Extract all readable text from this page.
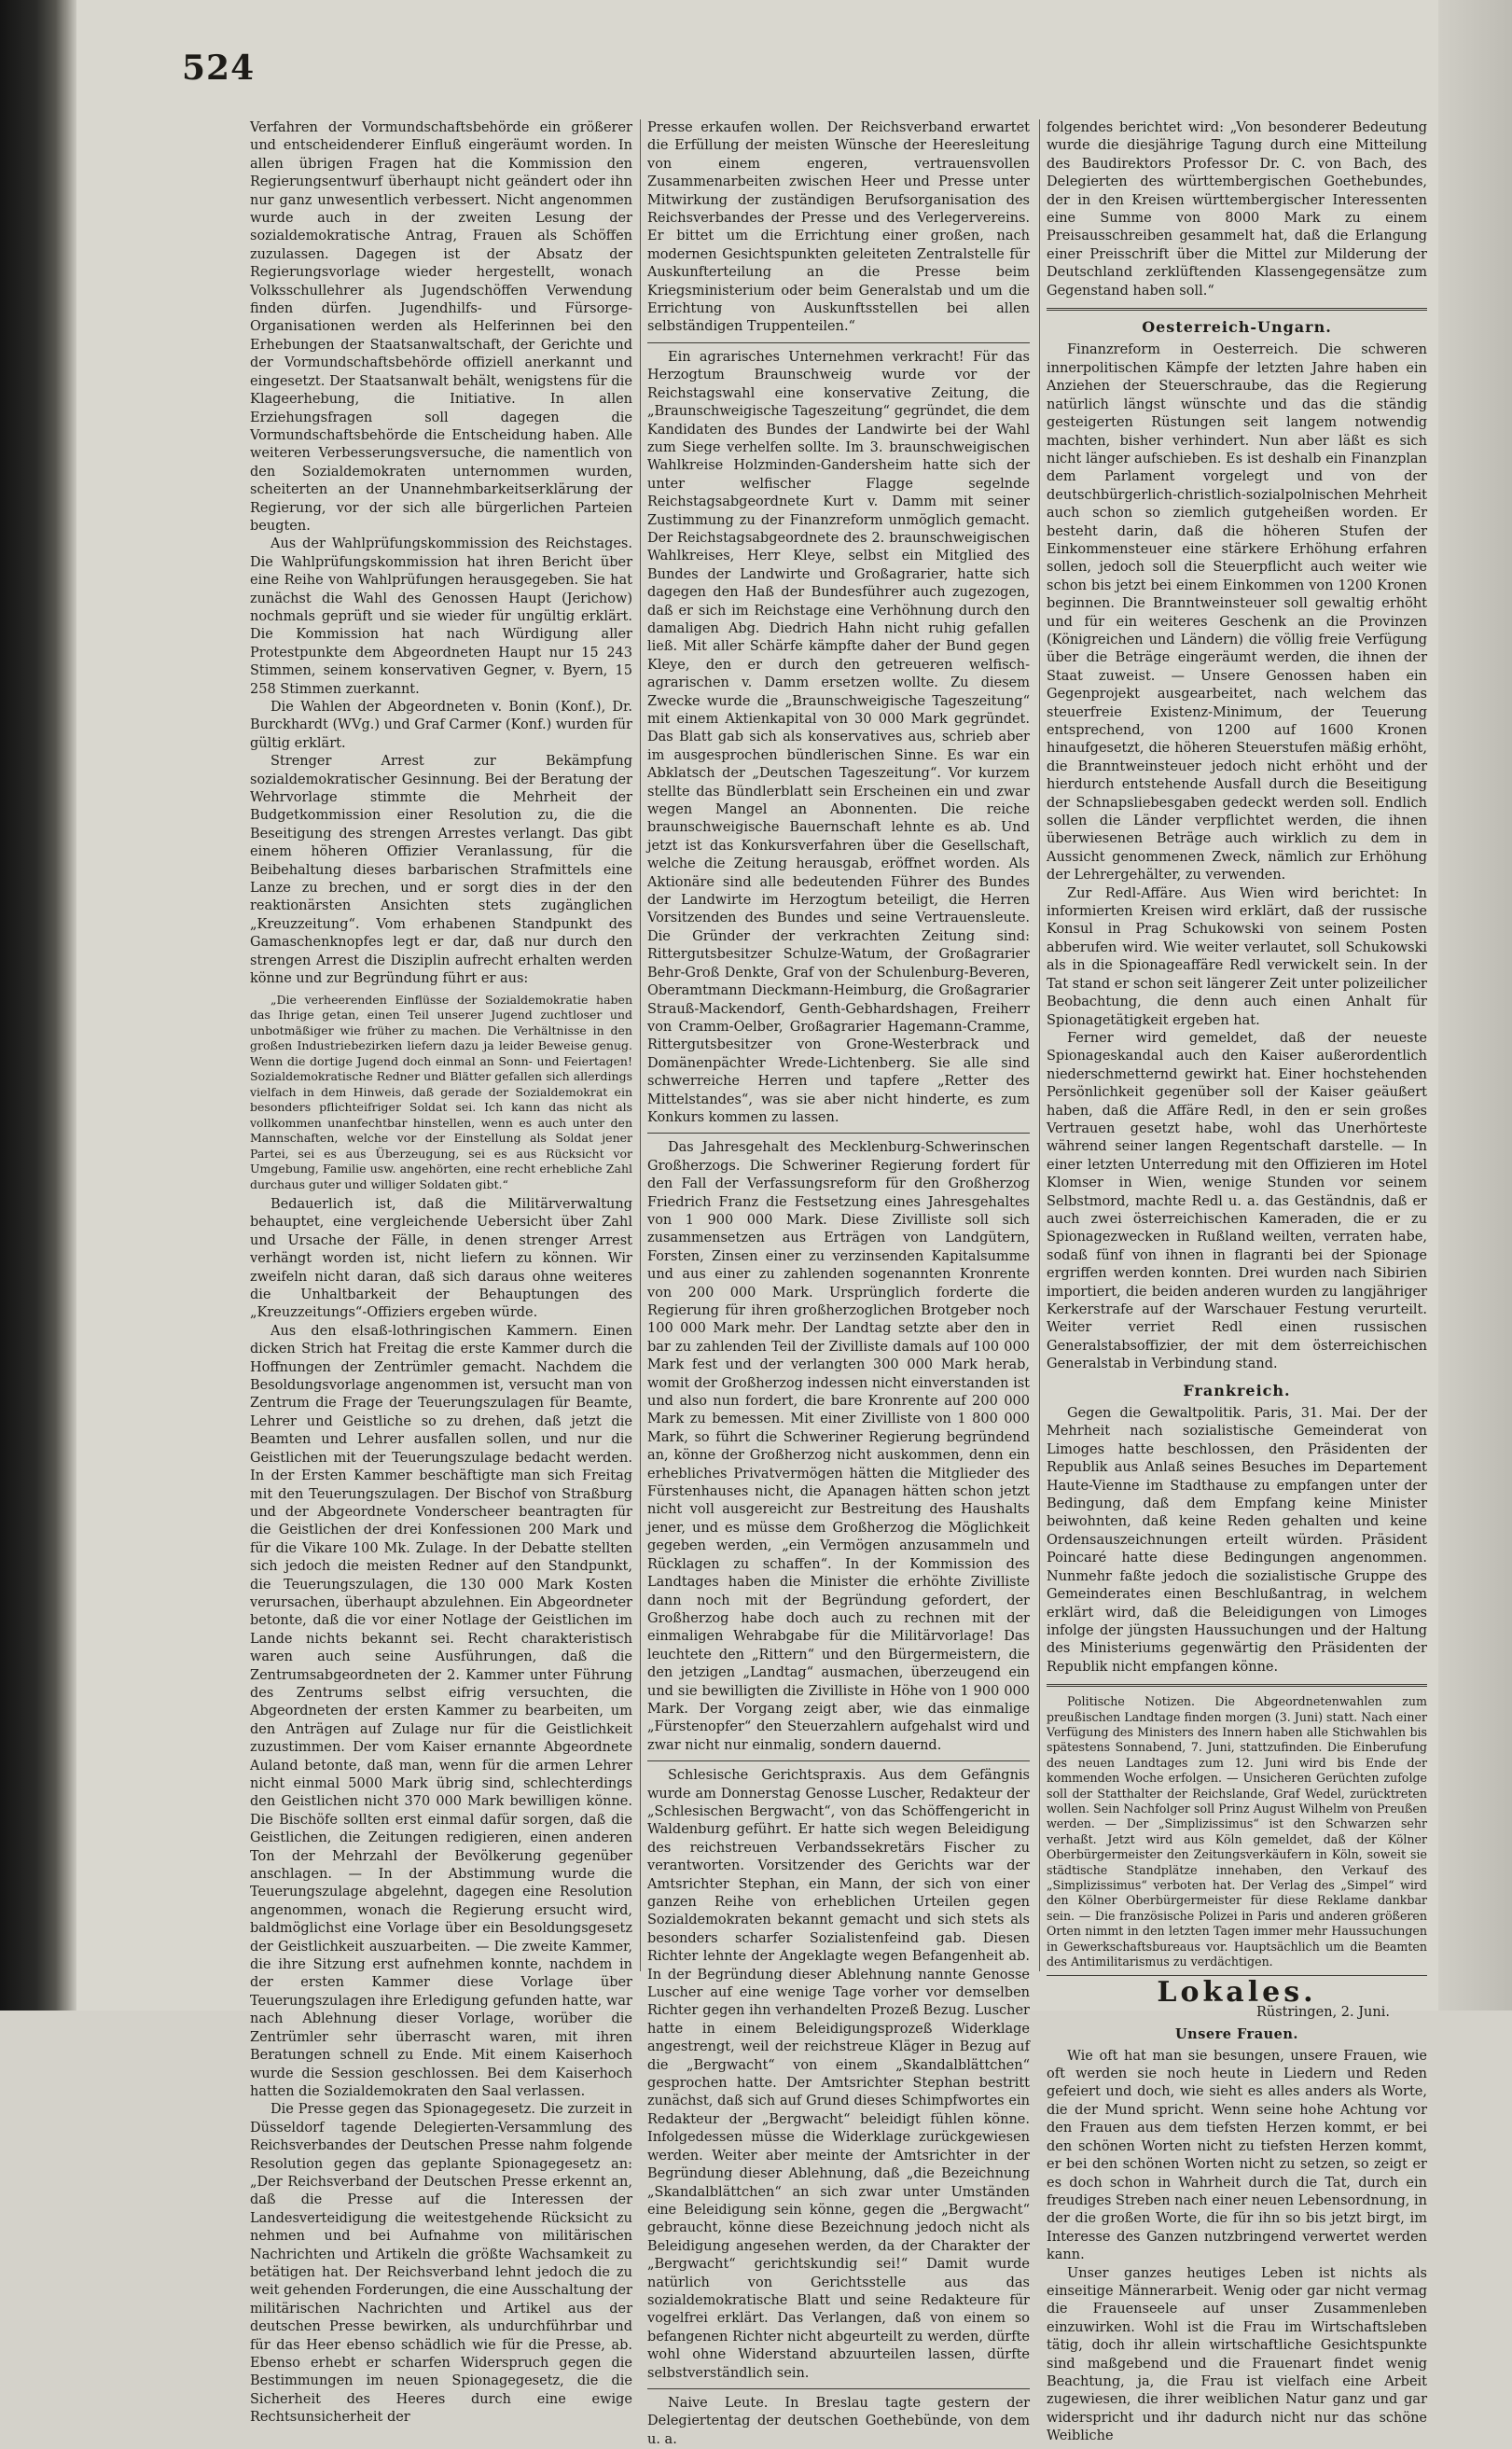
524

Verfahren der Vormundschaftsbehörde ein größerer und entscheidenderer Einfluß eingeräumt worden. In allen übrigen Fragen hat die Kommission den Regierungsentwurf überhaupt nicht geändert oder ihn nur ganz unwesentlich verbessert. Nicht angenommen wurde auch in der zweiten Lesung der sozialdemokratische Antrag, Frauen als Schöffen zuzulassen. Dagegen ist der Absatz der Regierungsvorlage wieder hergestellt, wonach Volksschullehrer als Jugendschöffen Verwendung finden dürfen. Jugendhilfs- und Fürsorge-Organisationen werden als Helferinnen bei den Erhebungen der Staatsanwaltschaft, der Gerichte und der Vormundschaftsbehörde offiziell anerkannt und eingesetzt. Der Staatsanwalt behält, wenigstens für die Klageerhebung, die Initiative. In allen Erziehungsfragen soll dagegen die Vormundschaftsbehörde die Entscheidung haben. Alle weiteren Verbesserungsversuche, die namentlich von den Sozialdemokraten unternommen wurden, scheiterten an der Unannehmbarkeitserklärung der Regierung, vor der sich alle bürgerlichen Parteien beugten.

Aus der Wahlprüfungskommission des Reichstages. Die Wahlprüfungskommission hat ihren Bericht über eine Reihe von Wahlprüfungen herausgegeben. Sie hat zunächst die Wahl des Genossen Haupt (Jerichow) nochmals geprüft und sie wieder für ungültig erklärt. Die Kommission hat nach Würdigung aller Protestpunkte dem Abgeordneten Haupt nur 15 243 Stimmen, seinem konservativen Gegner, v. Byern, 15 258 Stimmen zuerkannt.

Die Wahlen der Abgeordneten v. Bonin (Konf.), Dr. Burckhardt (WVg.) und Graf Carmer (Konf.) wurden für gültig erklärt.

Strenger Arrest zur Bekämpfung sozialdemokratischer Gesinnung. Bei der Beratung der Wehrvorlage stimmte die Mehrheit der Budgetkommission einer Resolution zu, die die Beseitigung des strengen Arrestes verlangt. Das gibt einem höheren Offizier Veranlassung, für die Beibehaltung dieses barbarischen Strafmittels eine Lanze zu brechen, und er sorgt dies in der den reaktionärsten Ansichten stets zugänglichen „Kreuzzeitung“. Vom erhabenen Standpunkt des Gamaschenknopfes legt er dar, daß nur durch den strengen Arrest die Disziplin aufrecht erhalten werden könne und zur Begründung führt er aus:

„Die verheerenden Einflüsse der Sozialdemokratie haben das Ihrige getan, einen Teil unserer Jugend zuchtloser und unbotmäßiger wie früher zu machen. Die Verhältnisse in den großen Industriebezirken liefern dazu ja leider Beweise genug. Wenn die dortige Jugend doch einmal an Sonn- und Feiertagen! Sozialdemokratische Redner und Blätter gefallen sich allerdings vielfach in dem Hinweis, daß gerade der Sozialdemokrat ein besonders pflichteifriger Soldat sei. Ich kann das nicht als vollkommen unanfechtbar hinstellen, wenn es auch unter den Mannschaften, welche vor der Einstellung als Soldat jener Partei, sei es aus Überzeugung, sei es aus Rücksicht vor Umgebung, Familie usw. angehörten, eine recht erhebliche Zahl durchaus guter und williger Soldaten gibt.“

Bedauerlich ist, daß die Militärverwaltung behauptet, eine vergleichende Uebersicht über Zahl und Ursache der Fälle, in denen strenger Arrest verhängt worden ist, nicht liefern zu können. Wir zweifeln nicht daran, daß sich daraus ohne weiteres die Unhaltbarkeit der Behauptungen des „Kreuzzeitungs“-Offiziers ergeben würde.

Aus den elsaß-lothringischen Kammern. Einen dicken Strich hat Freitag die erste Kammer durch die Hoffnungen der Zentrümler gemacht. Nachdem die Besoldungsvorlage angenommen ist, versucht man von Zentrum die Frage der Teuerungszulagen für Beamte, Lehrer und Geistliche so zu drehen, daß jetzt die Beamten und Lehrer ausfallen sollen, und nur die Geistlichen mit der Teuerungszulage bedacht werden. In der Ersten Kammer beschäftigte man sich Freitag mit den Teuerungszulagen. Der Bischof von Straßburg und der Abgeordnete Vonderscheer beantragten für die Geistlichen der drei Konfessionen 200 Mark und für die Vikare 100 Mk. Zulage. In der Debatte stellten sich jedoch die meisten Redner auf den Standpunkt, die Teuerungszulagen, die 130 000 Mark Kosten verursachen, überhaupt abzulehnen. Ein Abgeordneter betonte, daß die vor einer Notlage der Geistlichen im Lande nichts bekannt sei. Recht charakteristisch waren auch seine Ausführungen, daß die Zentrumsabgeordneten der 2. Kammer unter Führung des Zentrums selbst eifrig versuchten, die Abgeordneten der ersten Kammer zu bearbeiten, um den Anträgen auf Zulage nur für die Geistlichkeit zuzustimmen. Der vom Kaiser ernannte Abgeordnete Auland betonte, daß man, wenn für die armen Lehrer nicht einmal 5000 Mark übrig sind, schlechterdings den Geistlichen nicht 370 000 Mark bewilligen könne. Die Bischöfe sollten erst einmal dafür sorgen, daß die Geistlichen, die Zeitungen redigieren, einen anderen Ton der Mehrzahl der Bevölkerung gegenüber anschlagen. — In der Abstimmung wurde die Teuerungszulage abgelehnt, dagegen eine Resolution angenommen, wonach die Regierung ersucht wird, baldmöglichst eine Vorlage über ein Besoldungsgesetz der Geistlichkeit auszuarbeiten. — Die zweite Kammer, die ihre Sitzung erst aufnehmen konnte, nachdem in der ersten Kammer diese Vorlage über Teuerungszulagen ihre Erledigung gefunden hatte, war nach Ablehnung dieser Vorlage, worüber die Zentrümler sehr überrascht waren, mit ihren Beratungen schnell zu Ende. Mit einem Kaiserhoch wurde die Session geschlossen. Bei dem Kaiserhoch hatten die Sozialdemokraten den Saal verlassen.

Die Presse gegen das Spionagegesetz. Die zurzeit in Düsseldorf tagende Delegierten-Versammlung des Reichsverbandes der Deutschen Presse nahm folgende Resolution gegen das geplante Spionagegesetz an: „Der Reichsverband der Deutschen Presse erkennt an, daß die Presse auf die Interessen der Landesverteidigung die weitestgehende Rücksicht zu nehmen und bei Aufnahme von militärischen Nachrichten und Artikeln die größte Wachsamkeit zu betätigen hat. Der Reichsverband lehnt jedoch die zu weit gehenden Forderungen, die eine Ausschaltung der militärischen Nachrichten und Artikel aus der deutschen Presse bewirken, als undurchführbar und für das Heer ebenso schädlich wie für die Presse, ab. Ebenso erhebt er scharfen Widerspruch gegen die Bestimmungen im neuen Spionagegesetz, die die Sicherheit des Heeres durch eine ewige Rechtsunsicherheit der

Presse erkaufen wollen. Der Reichsverband erwartet die Erfüllung der meisten Wünsche der Heeresleitung von einem engeren, vertrauensvollen Zusammenarbeiten zwischen Heer und Presse unter Mitwirkung der zuständigen Berufsorganisation des Reichsverbandes der Presse und des Verlegervereins. Er bittet um die Errichtung einer großen, nach modernen Gesichtspunkten geleiteten Zentralstelle für Auskunfterteilung an die Presse beim Kriegsministerium oder beim Generalstab und um die Errichtung von Auskunftsstellen bei allen selbständigen Truppenteilen.“

Ein agrarisches Unternehmen verkracht! Für das Herzogtum Braunschweig wurde vor der Reichstagswahl eine konservative Zeitung, die „Braunschweigische Tageszeitung“ gegründet, die dem Kandidaten des Bundes der Landwirte bei der Wahl zum Siege verhelfen sollte. Im 3. braunschweigischen Wahlkreise Holzminden-Gandersheim hatte sich der unter welfischer Flagge segelnde Reichstagsabgeordnete Kurt v. Damm mit seiner Zustimmung zu der Finanzreform unmöglich gemacht. Der Reichstagsabgeordnete des 2. braunschweigischen Wahlkreises, Herr Kleye, selbst ein Mitglied des Bundes der Landwirte und Großagrarier, hatte sich dagegen den Haß der Bundesführer auch zugezogen, daß er sich im Reichstage eine Verhöhnung durch den damaligen Abg. Diedrich Hahn nicht ruhig gefallen ließ. Mit aller Schärfe kämpfte daher der Bund gegen Kleye, den er durch den getreueren welfisch-agrarischen v. Damm ersetzen wollte. Zu diesem Zwecke wurde die „Braunschweigische Tageszeitung“ mit einem Aktienkapital von 30 000 Mark gegründet. Das Blatt gab sich als konservatives aus, schrieb aber im ausgesprochen bündlerischen Sinne. Es war ein Abklatsch der „Deutschen Tageszeitung“. Vor kurzem stellte das Bündlerblatt sein Erscheinen ein und zwar wegen Mangel an Abonnenten. Die reiche braunschweigische Bauernschaft lehnte es ab. Und jetzt ist das Konkursverfahren über die Gesellschaft, welche die Zeitung herausgab, eröffnet worden. Als Aktionäre sind alle bedeutenden Führer des Bundes der Landwirte im Herzogtum beteiligt, die Herren Vorsitzenden des Bundes und seine Vertrauensleute. Die Gründer der verkrachten Zeitung sind: Rittergutsbesitzer Schulze-Watum, der Großagrarier Behr-Groß Denkte, Graf von der Schulenburg-Beveren, Oberamtmann Dieckmann-Heimburg, die Großagrarier Strauß-Mackendorf, Genth-Gebhardshagen, Freiherr von Cramm-Oelber, Großagrarier Hagemann-Cramme, Rittergutsbesitzer von Grone-Westerbrack und Domänenpächter Wrede-Lichtenberg. Sie alle sind schwerreiche Herren und tapfere „Retter des Mittelstandes“, was sie aber nicht hinderte, es zum Konkurs kommen zu lassen.

Das Jahresgehalt des Mecklenburg-Schwerinschen Großherzogs. Die Schweriner Regierung fordert für den Fall der Verfassungsreform für den Großherzog Friedrich Franz die Festsetzung eines Jahresgehaltes von 1 900 000 Mark. Diese Zivilliste soll sich zusammensetzen aus Erträgen von Landgütern, Forsten, Zinsen einer zu verzinsenden Kapitalsumme und aus einer zu zahlenden sogenannten Kronrente von 200 000 Mark. Ursprünglich forderte die Regierung für ihren großherzoglichen Brotgeber noch 100 000 Mark mehr. Der Landtag setzte aber den in bar zu zahlenden Teil der Zivilliste damals auf 100 000 Mark fest und der verlangten 300 000 Mark herab, womit der Großherzog indessen nicht einverstanden ist und also nun fordert, die bare Kronrente auf 200 000 Mark zu bemessen. Mit einer Zivilliste von 1 800 000 Mark, so führt die Schweriner Regierung begründend an, könne der Großherzog nicht auskommen, denn ein erhebliches Privatvermögen hätten die Mitglieder des Fürstenhauses nicht, die Apanagen hätten schon jetzt nicht voll ausgereicht zur Bestreitung des Haushalts jener, und es müsse dem Großherzog die Möglichkeit gegeben werden, „ein Vermögen anzusammeln und Rücklagen zu schaffen“. In der Kommission des Landtages haben die Minister die erhöhte Zivilliste dann noch mit der Begründung gefordert, der Großherzog habe doch auch zu rechnen mit der einmaligen Wehrabgabe für die Militärvorlage! Das leuchtete den „Rittern“ und den Bürgermeistern, die den jetzigen „Landtag“ ausmachen, überzeugend ein und sie bewilligten die Zivilliste in Höhe von 1 900 000 Mark. Der Vorgang zeigt aber, wie das einmalige „Fürstenopfer“ den Steuerzahlern aufgehalst wird und zwar nicht nur einmalig, sondern dauernd.

Schlesische Gerichtspraxis. Aus dem Gefängnis wurde am Donnerstag Genosse Luscher, Redakteur der „Schlesischen Bergwacht“, von das Schöffengericht in Waldenburg geführt. Er hatte sich wegen Beleidigung des reichstreuen Verbandssekretärs Fischer zu verantworten. Vorsitzender des Gerichts war der Amtsrichter Stephan, ein Mann, der sich von einer ganzen Reihe von erheblichen Urteilen gegen Sozialdemokraten bekannt gemacht und sich stets als besonders scharfer Sozialistenfeind gab. Diesen Richter lehnte der Angeklagte wegen Befangenheit ab. In der Begründung dieser Ablehnung nannte Genosse Luscher auf eine wenige Tage vorher vor demselben Richter gegen ihn verhandelten Prozeß Bezug. Luscher hatte in einem Beleidigungsprozeß Widerklage angestrengt, weil der reichstreue Kläger in Bezug auf die „Bergwacht“ von einem „Skandalblättchen“ gesprochen hatte. Der Amtsrichter Stephan bestritt zunächst, daß sich auf Grund dieses Schimpfwortes ein Redakteur der „Bergwacht“ beleidigt fühlen könne. Infolgedessen müsse die Widerklage zurückgewiesen werden. Weiter aber meinte der Amtsrichter in der Begründung dieser Ablehnung, daß „die Bezeichnung „Skandalblättchen“ an sich zwar unter Umständen eine Beleidigung sein könne, gegen die „Bergwacht“ gebraucht, könne diese Bezeichnung jedoch nicht als Beleidigung angesehen werden, da der Charakter der „Bergwacht“ gerichtskundig sei!“ Damit wurde natürlich von Gerichtsstelle aus das sozialdemokratische Blatt und seine Redakteure für vogelfrei erklärt. Das Verlangen, daß von einem so befangenen Richter nicht abgeurteilt zu werden, dürfte wohl ohne Widerstand abzuurteilen lassen, dürfte selbstverständlich sein.

Naive Leute. In Breslau tagte gestern der Delegiertentag der deutschen Goethebünde, von dem u. a.

folgendes berichtet wird: „Von besonderer Bedeutung wurde die diesjährige Tagung durch eine Mitteilung des Baudirektors Professor Dr. C. von Bach, des Delegierten des württembergischen Goethebundes, der in den Kreisen württembergischer Interessenten eine Summe von 8000 Mark zu einem Preisausschreiben gesammelt hat, daß die Erlangung einer Preisschrift über die Mittel zur Milderung der Deutschland zerklüftenden Klassengegensätze zum Gegenstand haben soll.“

Oesterreich-Ungarn.

Finanzreform in Oesterreich. Die schweren innerpolitischen Kämpfe der letzten Jahre haben ein Anziehen der Steuerschraube, das die Regierung natürlich längst wünschte und das die ständig gesteigerten Rüstungen seit langem notwendig machten, bisher verhindert. Nun aber läßt es sich nicht länger aufschieben. Es ist deshalb ein Finanzplan dem Parlament vorgelegt und von der deutschbürgerlich-christlich-sozialpolnischen Mehrheit auch schon so ziemlich gutgeheißen worden. Er besteht darin, daß die höheren Stufen der Einkommensteuer eine stärkere Erhöhung erfahren sollen, jedoch soll die Steuerpflicht auch weiter wie schon bis jetzt bei einem Einkommen von 1200 Kronen beginnen. Die Branntweinsteuer soll gewaltig erhöht und für ein weiteres Geschenk an die Provinzen (Königreichen und Ländern) die völlig freie Verfügung über die Beträge eingeräumt werden, die ihnen der Staat zuweist. — Unsere Genossen haben ein Gegenprojekt ausgearbeitet, nach welchem das steuerfreie Existenz-Minimum, der Teuerung entsprechend, von 1200 auf 1600 Kronen hinaufgesetzt, die höheren Steuerstufen mäßig erhöht, die Branntweinsteuer jedoch nicht erhöht und der hierdurch entstehende Ausfall durch die Beseitigung der Schnapsliebesgaben gedeckt werden soll. Endlich sollen die Länder verpflichtet werden, die ihnen überwiesenen Beträge auch wirklich zu dem in Aussicht genommenen Zweck, nämlich zur Erhöhung der Lehrergehälter, zu verwenden.

Zur Redl-Affäre. Aus Wien wird berichtet: In informierten Kreisen wird erklärt, daß der russische Konsul in Prag Schukowski von seinem Posten abberufen wird. Wie weiter verlautet, soll Schukowski als in die Spionageaffäre Redl verwickelt sein. In der Tat stand er schon seit längerer Zeit unter polizeilicher Beobachtung, die denn auch einen Anhalt für Spionagetätigkeit ergeben hat.

Ferner wird gemeldet, daß der neueste Spionageskandal auch den Kaiser außerordentlich niederschmetternd gewirkt hat. Einer hochstehenden Persönlichkeit gegenüber soll der Kaiser geäußert haben, daß die Affäre Redl, in den er sein großes Vertrauen gesetzt habe, wohl das Unerhörteste während seiner langen Regentschaft darstelle. — In einer letzten Unterredung mit den Offizieren im Hotel Klomser in Wien, wenige Stunden vor seinem Selbstmord, machte Redl u. a. das Geständnis, daß er auch zwei österreichischen Kameraden, die er zu Spionagezwecken in Rußland weilten, verraten habe, sodaß fünf von ihnen in flagranti bei der Spionage ergriffen werden konnten. Drei wurden nach Sibirien importiert, die beiden anderen wurden zu langjähriger Kerkerstrafe auf der Warschauer Festung verurteilt. Weiter verriet Redl einen russischen Generalstabsoffizier, der mit dem österreichischen Generalstab in Verbindung stand.

Frankreich.

Gegen die Gewaltpolitik. Paris, 31. Mai. Der der Mehrheit nach sozialistische Gemeinderat von Limoges hatte beschlossen, den Präsidenten der Republik aus Anlaß seines Besuches im Departement Haute-Vienne im Stadthause zu empfangen unter der Bedingung, daß dem Empfang keine Minister beiwohnten, daß keine Reden gehalten und keine Ordensauszeichnungen erteilt würden. Präsident Poincaré hatte diese Bedingungen angenommen. Nunmehr faßte jedoch die sozialistische Gruppe des Gemeinderates einen Beschlußantrag, in welchem erklärt wird, daß die Beleidigungen von Limoges infolge der jüngsten Haussuchungen und der Haltung des Ministeriums gegenwärtig den Präsidenten der Republik nicht empfangen könne.

Politische Notizen. Die Abgeordnetenwahlen zum preußischen Landtage finden morgen (3. Juni) statt. Nach einer Verfügung des Ministers des Innern haben alle Stichwahlen bis spätestens Sonnabend, 7. Juni, stattzufinden. Die Einberufung des neuen Landtages zum 12. Juni wird bis Ende der kommenden Woche erfolgen. — Unsicheren Gerüchten zufolge soll der Statthalter der Reichslande, Graf Wedel, zurücktreten wollen. Sein Nachfolger soll Prinz August Wilhelm von Preußen werden. — Der „Simplizissimus“ ist den Schwarzen sehr verhaßt. Jetzt wird aus Köln gemeldet, daß der Kölner Oberbürgermeister den Zeitungsverkäufern in Köln, soweit sie städtische Standplätze innehaben, den Verkauf des „Simplizissimus“ verboten hat. Der Verlag des „Simpel“ wird den Kölner Oberbürgermeister für diese Reklame dankbar sein. — Die französische Polizei in Paris und anderen größeren Orten nimmt in den letzten Tagen immer mehr Haussuchungen in Gewerkschaftsbureaus vor. Hauptsächlich um die Beamten des Antimilitarismus zu verdächtigen.

Lokales.
Rüstringen, 2. Juni.
Unsere Frauen.

Wie oft hat man sie besungen, unsere Frauen, wie oft werden sie noch heute in Liedern und Reden gefeiert und doch, wie sieht es alles anders als Worte, die der Mund spricht. Wenn seine hohe Achtung vor den Frauen aus dem tiefsten Herzen kommt, er bei den schönen Worten nicht zu tiefsten Herzen kommt, er bei den schönen Worten nicht zu setzen, so zeigt er es doch schon in Wahrheit durch die Tat, durch ein freudiges Streben nach einer neuen Lebensordnung, in der die großen Worte, die für ihn so bis jetzt birgt, im Interesse des Ganzen nutzbringend verwertet werden kann.

Unser ganzes heutiges Leben ist nichts als einseitige Männerarbeit. Wenig oder gar nicht vermag die Frauenseele auf unser Zusammenleben einzuwirken. Wohl ist die Frau im Wirtschaftsleben tätig, doch ihr allein wirtschaftliche Gesichtspunkte sind maßgebend und die Frauenart findet wenig Beachtung, ja, die Frau ist vielfach eine Arbeit zugewiesen, die ihrer weiblichen Natur ganz und gar widerspricht und ihr dadurch nicht nur das schöne Weibliche
